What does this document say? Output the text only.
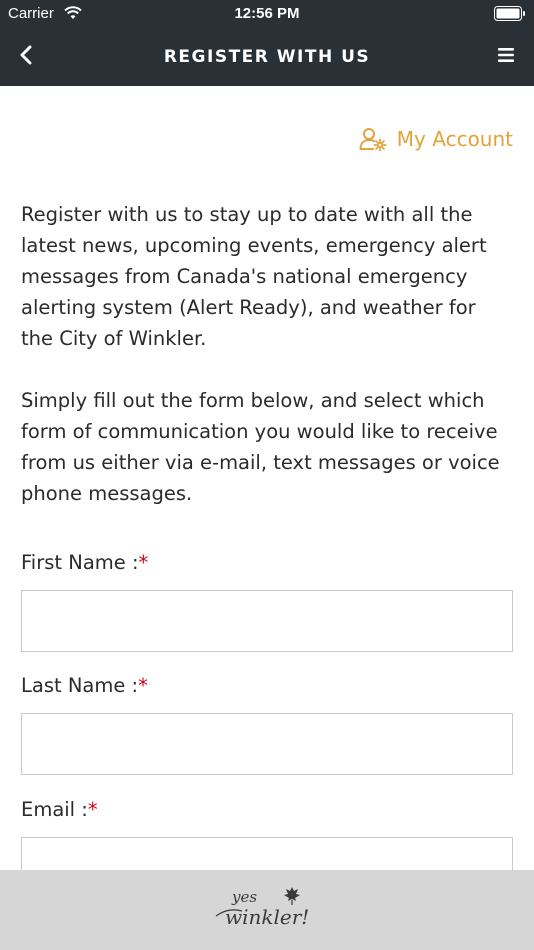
Carrier	12:56 PM
REGISTER WITH US
My Account

Register with us to stay up to date with all the latest news, upcoming events, emergency alert messages from Canada's national emergency alerting system (Alert Ready), and weather for the City of Winkler.

Simply fill out the form below, and select which form of communication you would like to receive from us either via e-mail, text messages or voice phone messages.

First Name :*
Last Name :*
Email :*
yes
winkler!
